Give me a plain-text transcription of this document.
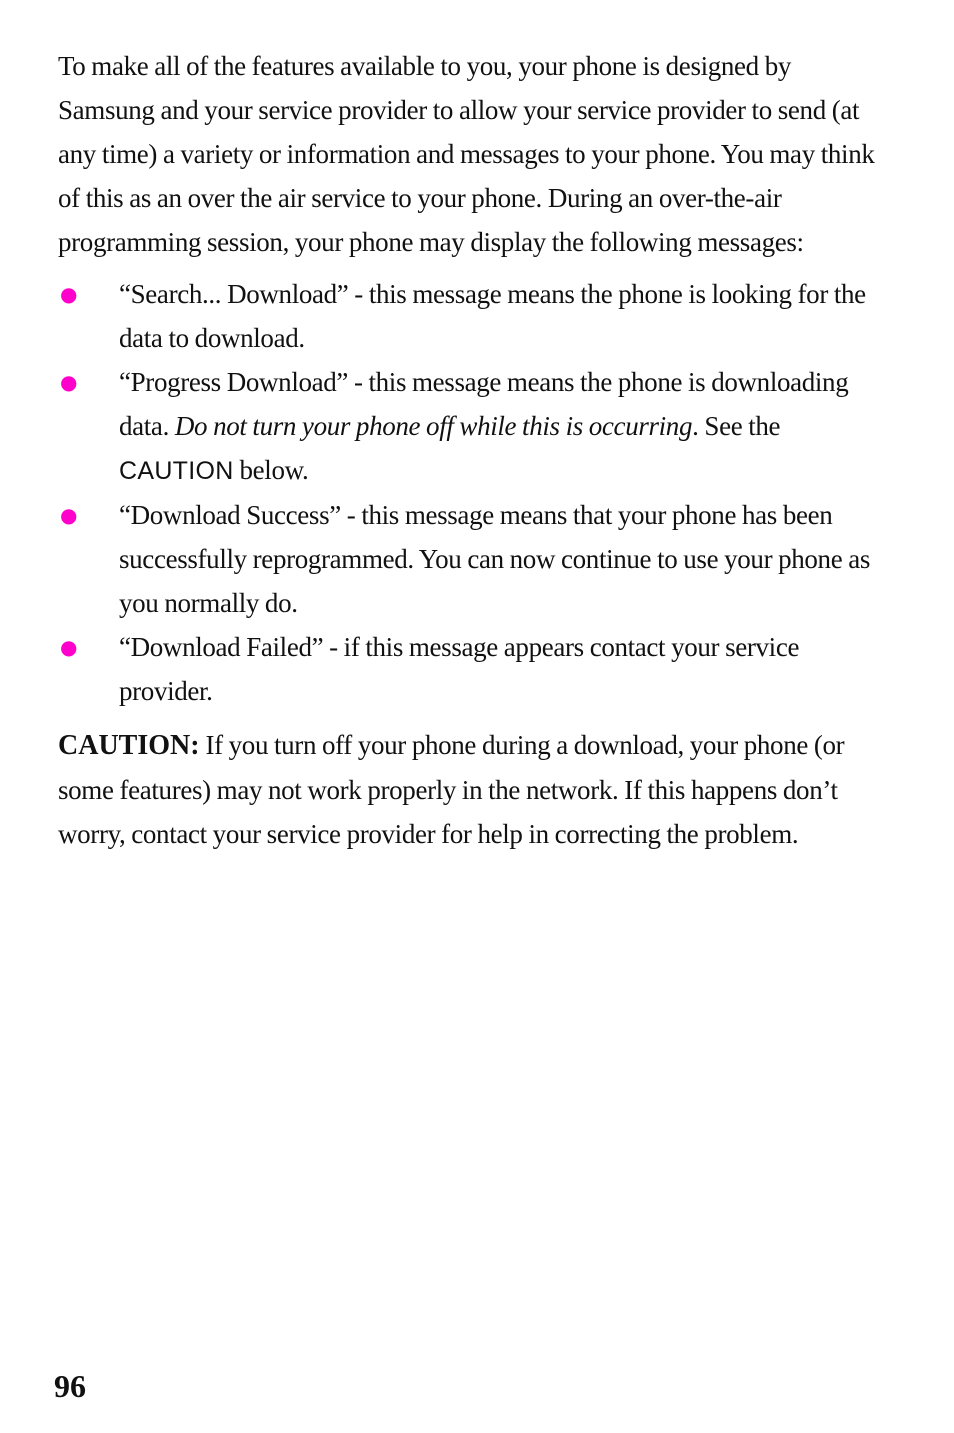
To make all of the features available to you, your phone is designed by Samsung and your service provider to allow your service provider to send (at any time) a variety or information and messages to your phone. You may think of this as an over the air service to your phone. During an over-the-air programming session, your phone may display the following messages:

● “Search... Download” - this message means the phone is looking for the data to download.
● “Progress Download” - this message means the phone is downloading data. Do not turn your phone off while this is occurring. See the
CAUTION below.
● “Download Success” - this message means that your phone has been successfully reprogrammed. You can now continue to use your phone as you normally do.
● “Download Failed” - if this message appears contact your service provider.

CAUTION: If you turn off your phone during a download, your phone (or some features) may not work properly in the network. If this happens don’t worry, contact your service provider for help in correcting the problem.

96
